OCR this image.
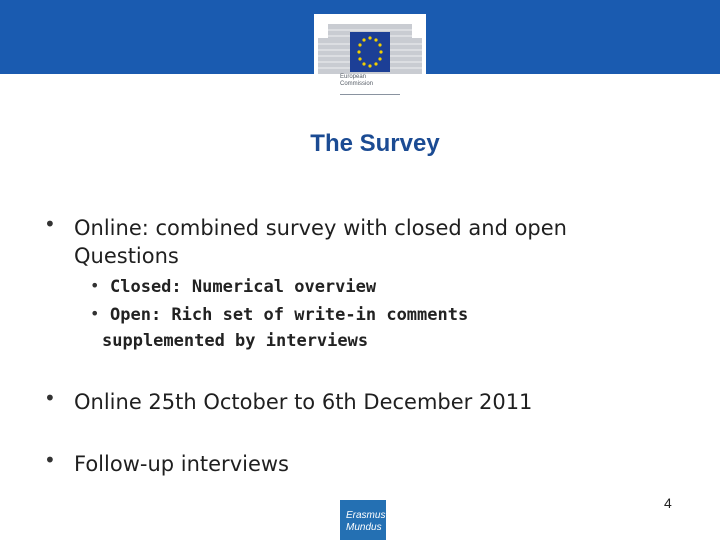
European
Commission
The Survey
• Online: combined survey with closed and open
Questions
• Closed: Numerical overview
• Open: Rich set of write-in comments
supplemented by interviews
• Online 25th October to 6th December 2011
• Follow-up interviews
4
Erasmus
Mundus
